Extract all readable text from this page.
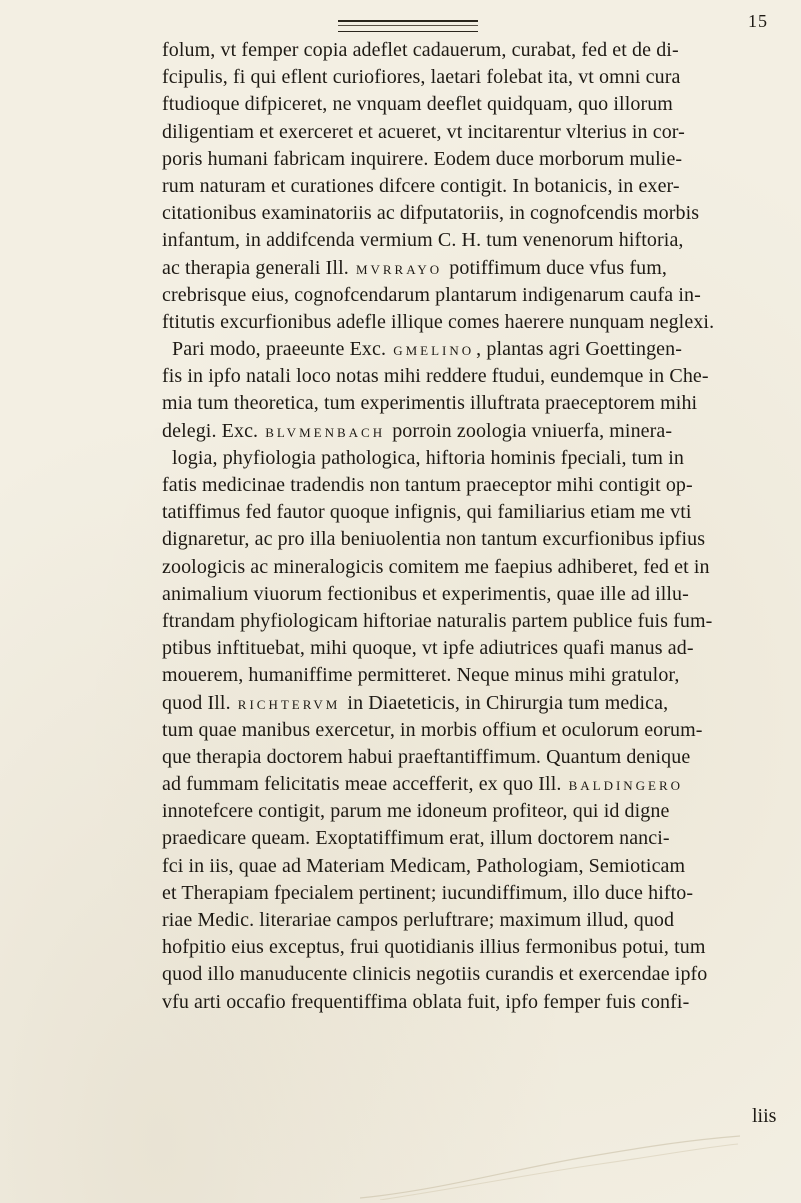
15
folum, vt femper copia adeflet cadauerum, curabat, fed et de di-
fcipulis, fi qui eflent curiofiores, laetari folebat ita, vt omni cura
ftudioque difpiceret, ne vnquam deeflet quidquam, quo illorum
diligentiam et exerceret et acueret, vt incitarentur vlterius in cor-
poris humani fabricam inquirere. Eodem duce morborum mulie-
rum naturam et curationes difcere contigit. In botanicis, in exer-
citationibus examinatoriis ac difputatoriis, in cognofcendis morbis
infantum, in addifcenda vermium C. H. tum venenorum hiftoria,
ac therapia generali Ill. MVRRAYO potiffimum duce vfus fum,
crebrisque eius, cognofcendarum plantarum indigenarum caufa in-
ftitutis excurfionibus adefle illique comes haerere nunquam neglexi.
Pari modo, praeeunte Exc. GMELINO , plantas agri Goettingen-
fis in ipfo natali loco notas mihi reddere ftudui, eundemque in Che-
mia tum theoretica, tum experimentis illuftrata praeceptorem mihi
delegi. Exc. BLVMENBACH porroin zoologia vniuerfa, minera-
logia, phyfiologia pathologica, hiftoria hominis fpeciali, tum in
fatis medicinae tradendis non tantum praeceptor mihi contigit op-
tatiffimus fed fautor quoque infignis, qui familiarius etiam me vti
dignaretur, ac pro illa beniuolentia non tantum excurfionibus ipfius
zoologicis ac mineralogicis comitem me faepius adhiberet, fed et in
animalium viuorum fectionibus et experimentis, quae ille ad illu-
ftrandam phyfiologicam hiftoriae naturalis partem publice fuis fum-
ptibus inftituebat, mihi quoque, vt ipfe adiutrices quafi manus ad-
mouerem, humaniffime permitteret. Neque minus mihi gratulor,
quod Ill. RICHTERVM in Diaeteticis, in Chirurgia tum medica,
tum quae manibus exercetur, in morbis offium et oculorum eorum-
que therapia doctorem habui praeftantiffimum. Quantum denique
ad fummam felicitatis meae accefferit, ex quo Ill. BALDINGERO
innotefcere contigit, parum me idoneum profiteor, qui id digne
praedicare queam. Exoptatiffimum erat, illum doctorem nanci-
fci in iis, quae ad Materiam Medicam, Pathologiam, Semioticam
et Therapiam fpecialem pertinent; iucundiffimum, illo duce hifto-
riae Medic. literariae campos perluftrare; maximum illud, quod
hofpitio eius exceptus, frui quotidianis illius fermonibus potui, tum
quod illo manuducente clinicis negotiis curandis et exercendae ipfo
vfu arti occafio frequentiffima oblata fuit, ipfo femper fuis confi-
liis
